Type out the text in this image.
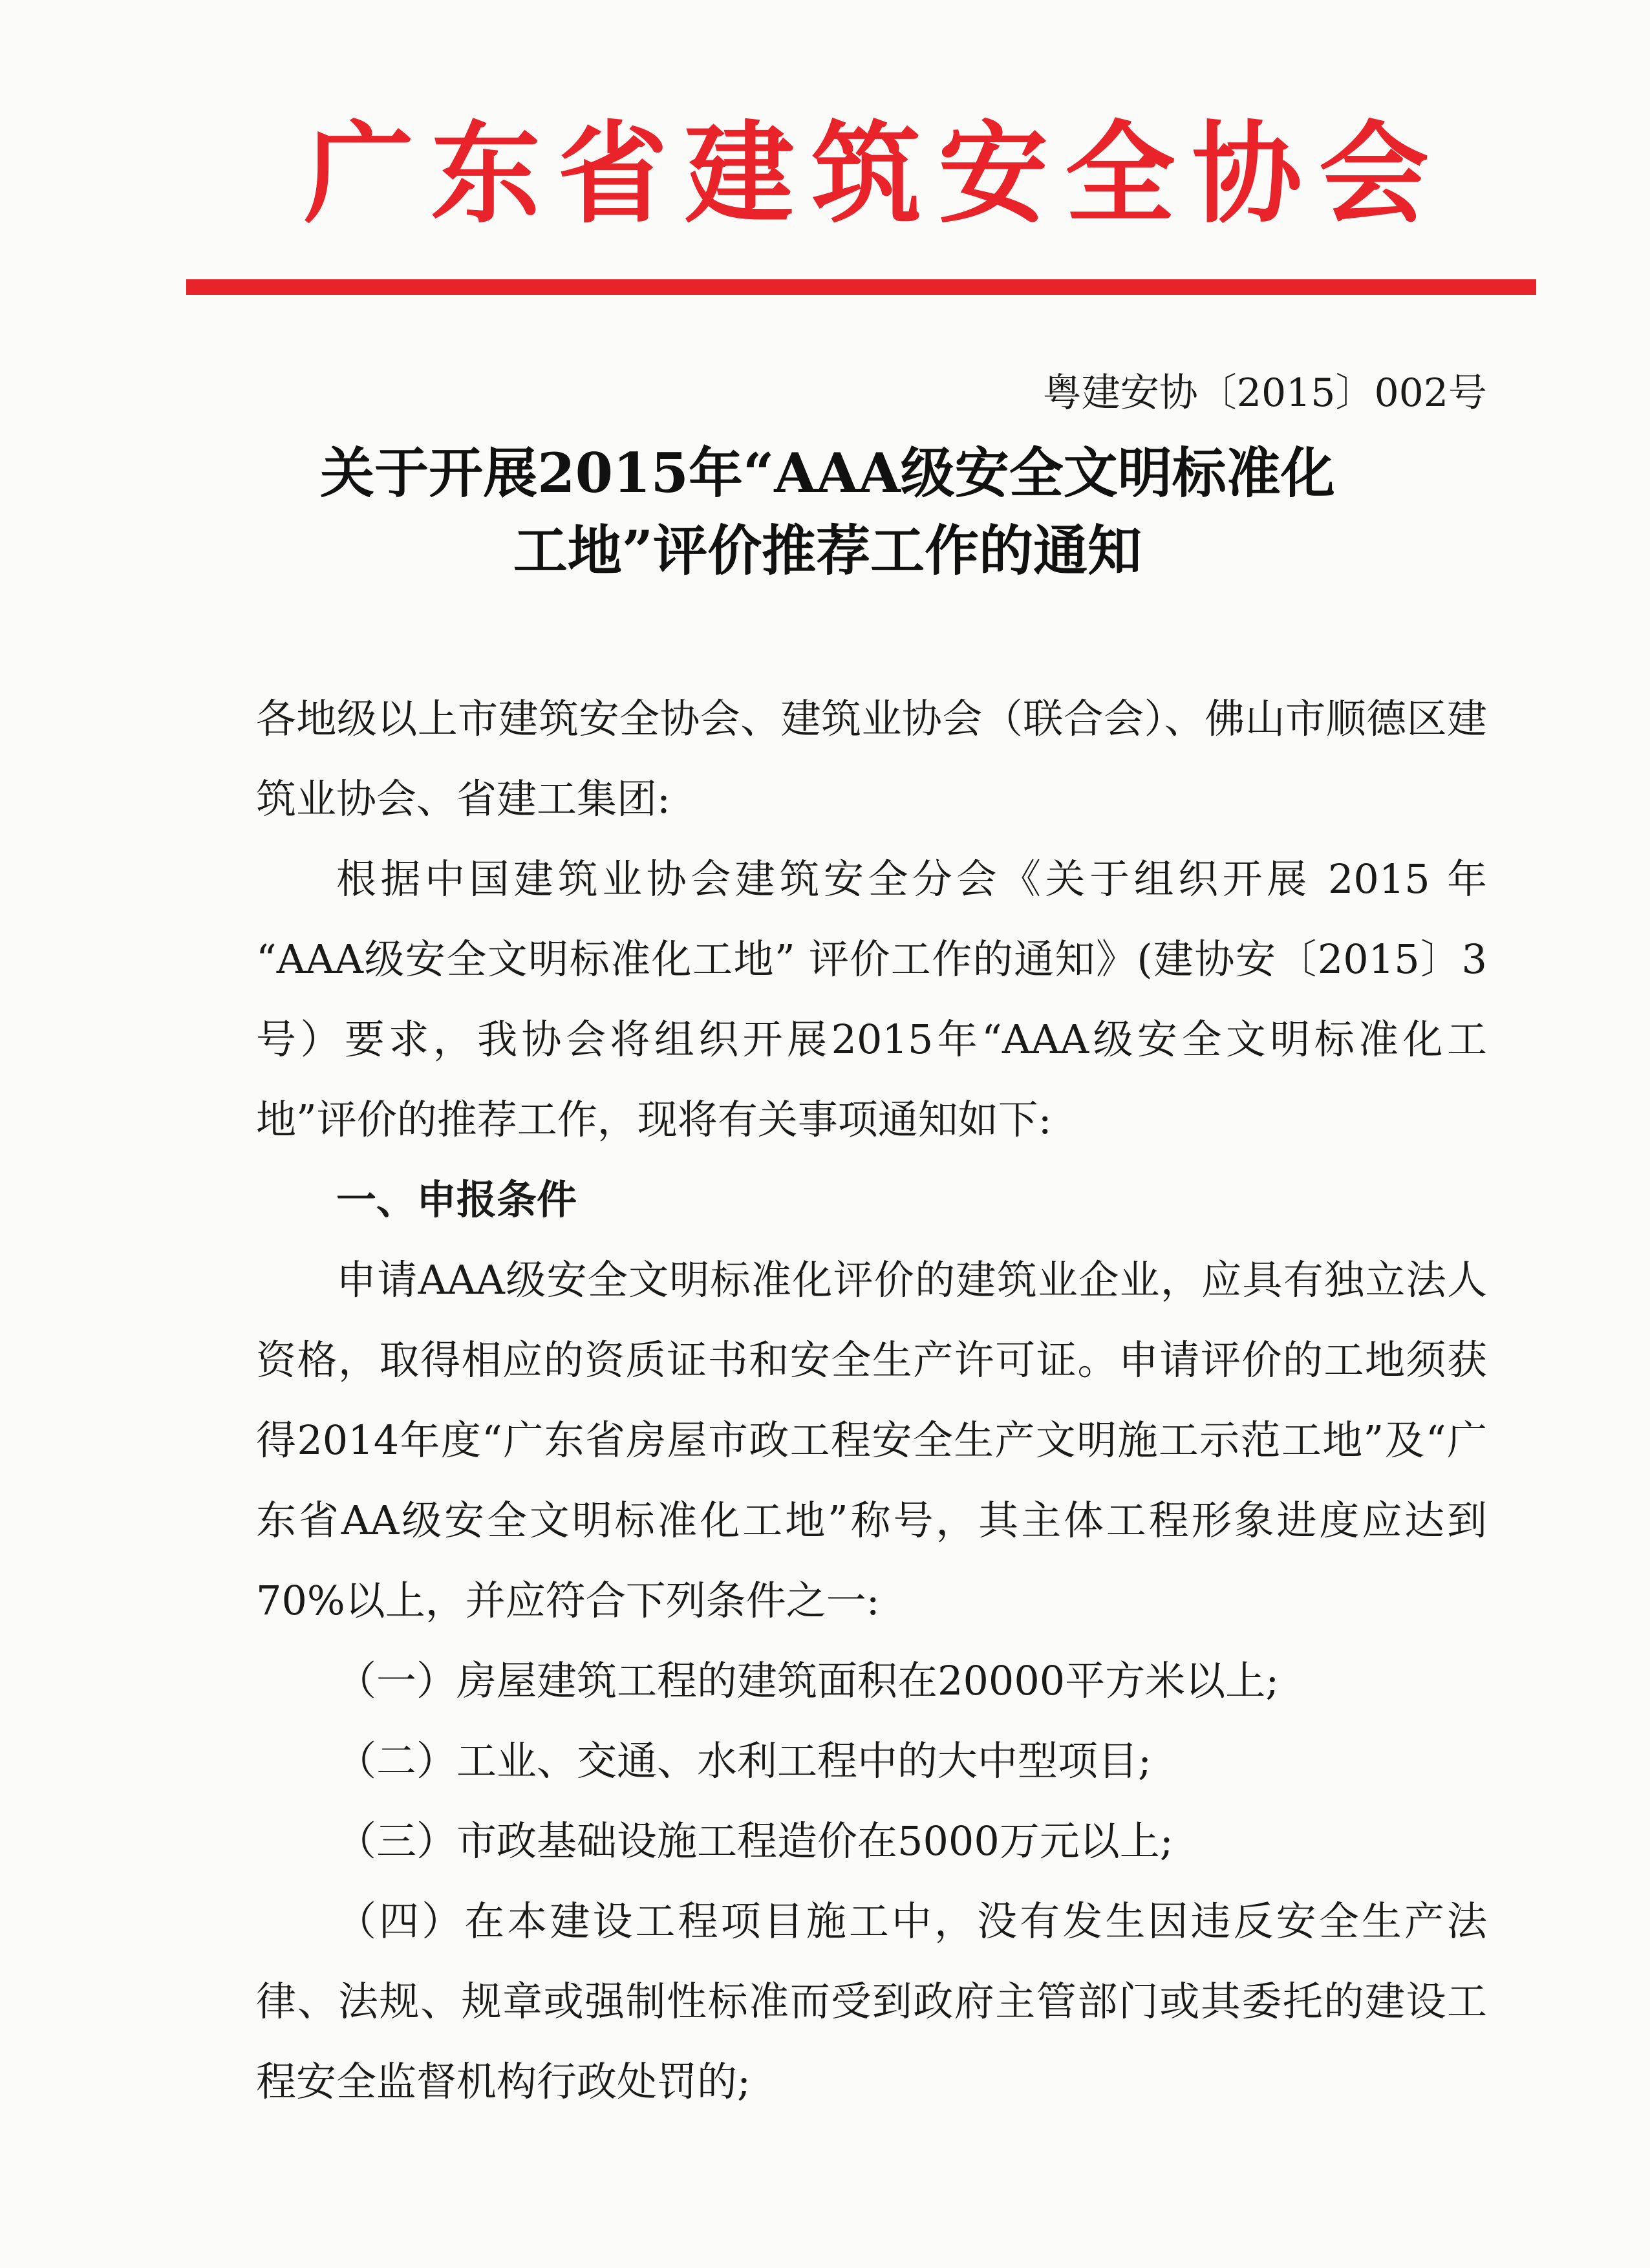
广 东 省 建 筑 安 全 协 会
粤建安协〔2015〕002号
关于开展2015年“AAA级安全文明标准化
工地”评价推荐工作的通知

各地级以上市建筑安全协会、建筑业协会（联合会）、佛山市顺德区建筑业协会、省建工集团:

根据中国建筑业协会建筑安全分会《关于组织开展 2015 年 “AAA级安全文明标准化工地” 评价工作的通知》(建协安〔2015〕3号）要求，我协会将组织开展2015年“AAA级安全文明标准化工地”评价的推荐工作，现将有关事项通知如下:

一、申报条件

申请AAA级安全文明标准化评价的建筑业企业，应具有独立法人资格，取得相应的资质证书和安全生产许可证。申请评价的工地须获得2014年度“广东省房屋市政工程安全生产文明施工示范工地”及“广东省AA级安全文明标准化工地”称号，其主体工程形象进度应达到70%以上，并应符合下列条件之一:

（一）房屋建筑工程的建筑面积在20000平方米以上;

（二）工业、交通、水利工程中的大中型项目;

（三）市政基础设施工程造价在5000万元以上;

（四）在本建设工程项目施工中，没有发生因违反安全生产法律、法规、规章或强制性标准而受到政府主管部门或其委托的建设工程安全监督机构行政处罚的;
